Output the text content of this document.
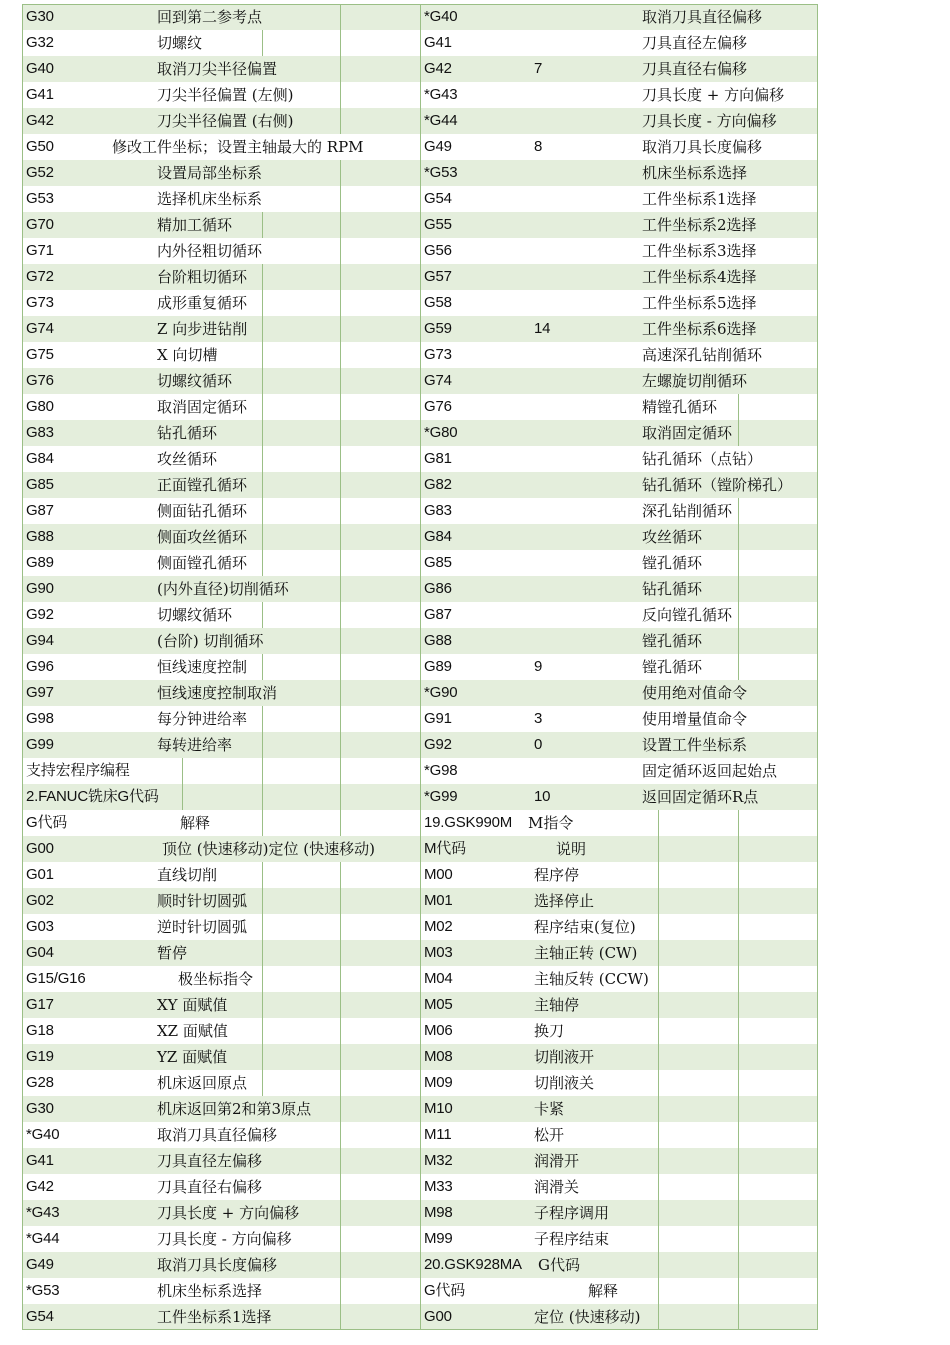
G30	回到第二参考点	*G40	取消刀具直径偏移
G32	切螺纹	G41	刀具直径左偏移
G40	取消刀尖半径偏置	G42	7	刀具直径右偏移
G41	刀尖半径偏置 (左侧)	*G43	刀具长度 + 方向偏移
G42	刀尖半径偏置 (右侧)	*G44	刀具长度 - 方向偏移
G50	修改工件坐标；设置主轴最大的 RPM	G49	8	取消刀具长度偏移
G52	设置局部坐标系	*G53	机床坐标系选择
G53	选择机床坐标系	G54	工件坐标系1选择
G70	精加工循环	G55	工件坐标系2选择
G71	内外径粗切循环	G56	工件坐标系3选择
G72	台阶粗切循环	G57	工件坐标系4选择
G73	成形重复循环	G58	工件坐标系5选择
G74	Z 向步进钻削	G59	14	工件坐标系6选择
G75	X 向切槽	G73	高速深孔钻削循环
G76	切螺纹循环	G74	左螺旋切削循环
G80	取消固定循环	G76	精镗孔循环
G83	钻孔循环	*G80	取消固定循环
G84	攻丝循环	G81	钻孔循环（点钻）
G85	正面镗孔循环	G82	钻孔循环（镗阶梯孔）
G87	侧面钻孔循环	G83	深孔钻削循环
G88	侧面攻丝循环	G84	攻丝循环
G89	侧面镗孔循环	G85	镗孔循环
G90	(内外直径)切削循环	G86	钻孔循环
G92	切螺纹循环	G87	反向镗孔循环
G94	(台阶) 切削循环	G88	镗孔循环
G96	恒线速度控制	G89	9	镗孔循环
G97	恒线速度控制取消	*G90	使用绝对值命令
G98	每分钟进给率	G91	3	使用增量值命令
G99	每转进给率	G92	0	设置工件坐标系
支持宏程序编程	*G98	固定循环返回起始点
2.FANUC铣床G代码	*G99	10	返回固定循环R点
G代码	解释	19.GSK990M M指令
G00	顶位 (快速移动)定位 (快速移动)	M代码	说明
G01	直线切削	M00	程序停
G02	顺时针切圆弧	M01	选择停止
G03	逆时针切圆弧	M02	程序结束(复位)
G04	暂停	M03	主轴正转 (CW)
G15/G16	极坐标指令	M04	主轴反转 (CCW)
G17	XY 面赋值	M05	主轴停
G18	XZ 面赋值	M06	换刀
G19	YZ 面赋值	M08	切削液开
G28	机床返回原点	M09	切削液关
G30	机床返回第2和第3原点	M10	卡紧
*G40	取消刀具直径偏移	M11	松开
G41	刀具直径左偏移	M32	润滑开
G42	刀具直径右偏移	M33	润滑关
*G43	刀具长度 + 方向偏移	M98	子程序调用
*G44	刀具长度 - 方向偏移	M99	子程序结束
G49	取消刀具长度偏移	20.GSK928MA G代码
*G53	机床坐标系选择	G代码	解释
G54	工件坐标系1选择	G00	定位 (快速移动)
